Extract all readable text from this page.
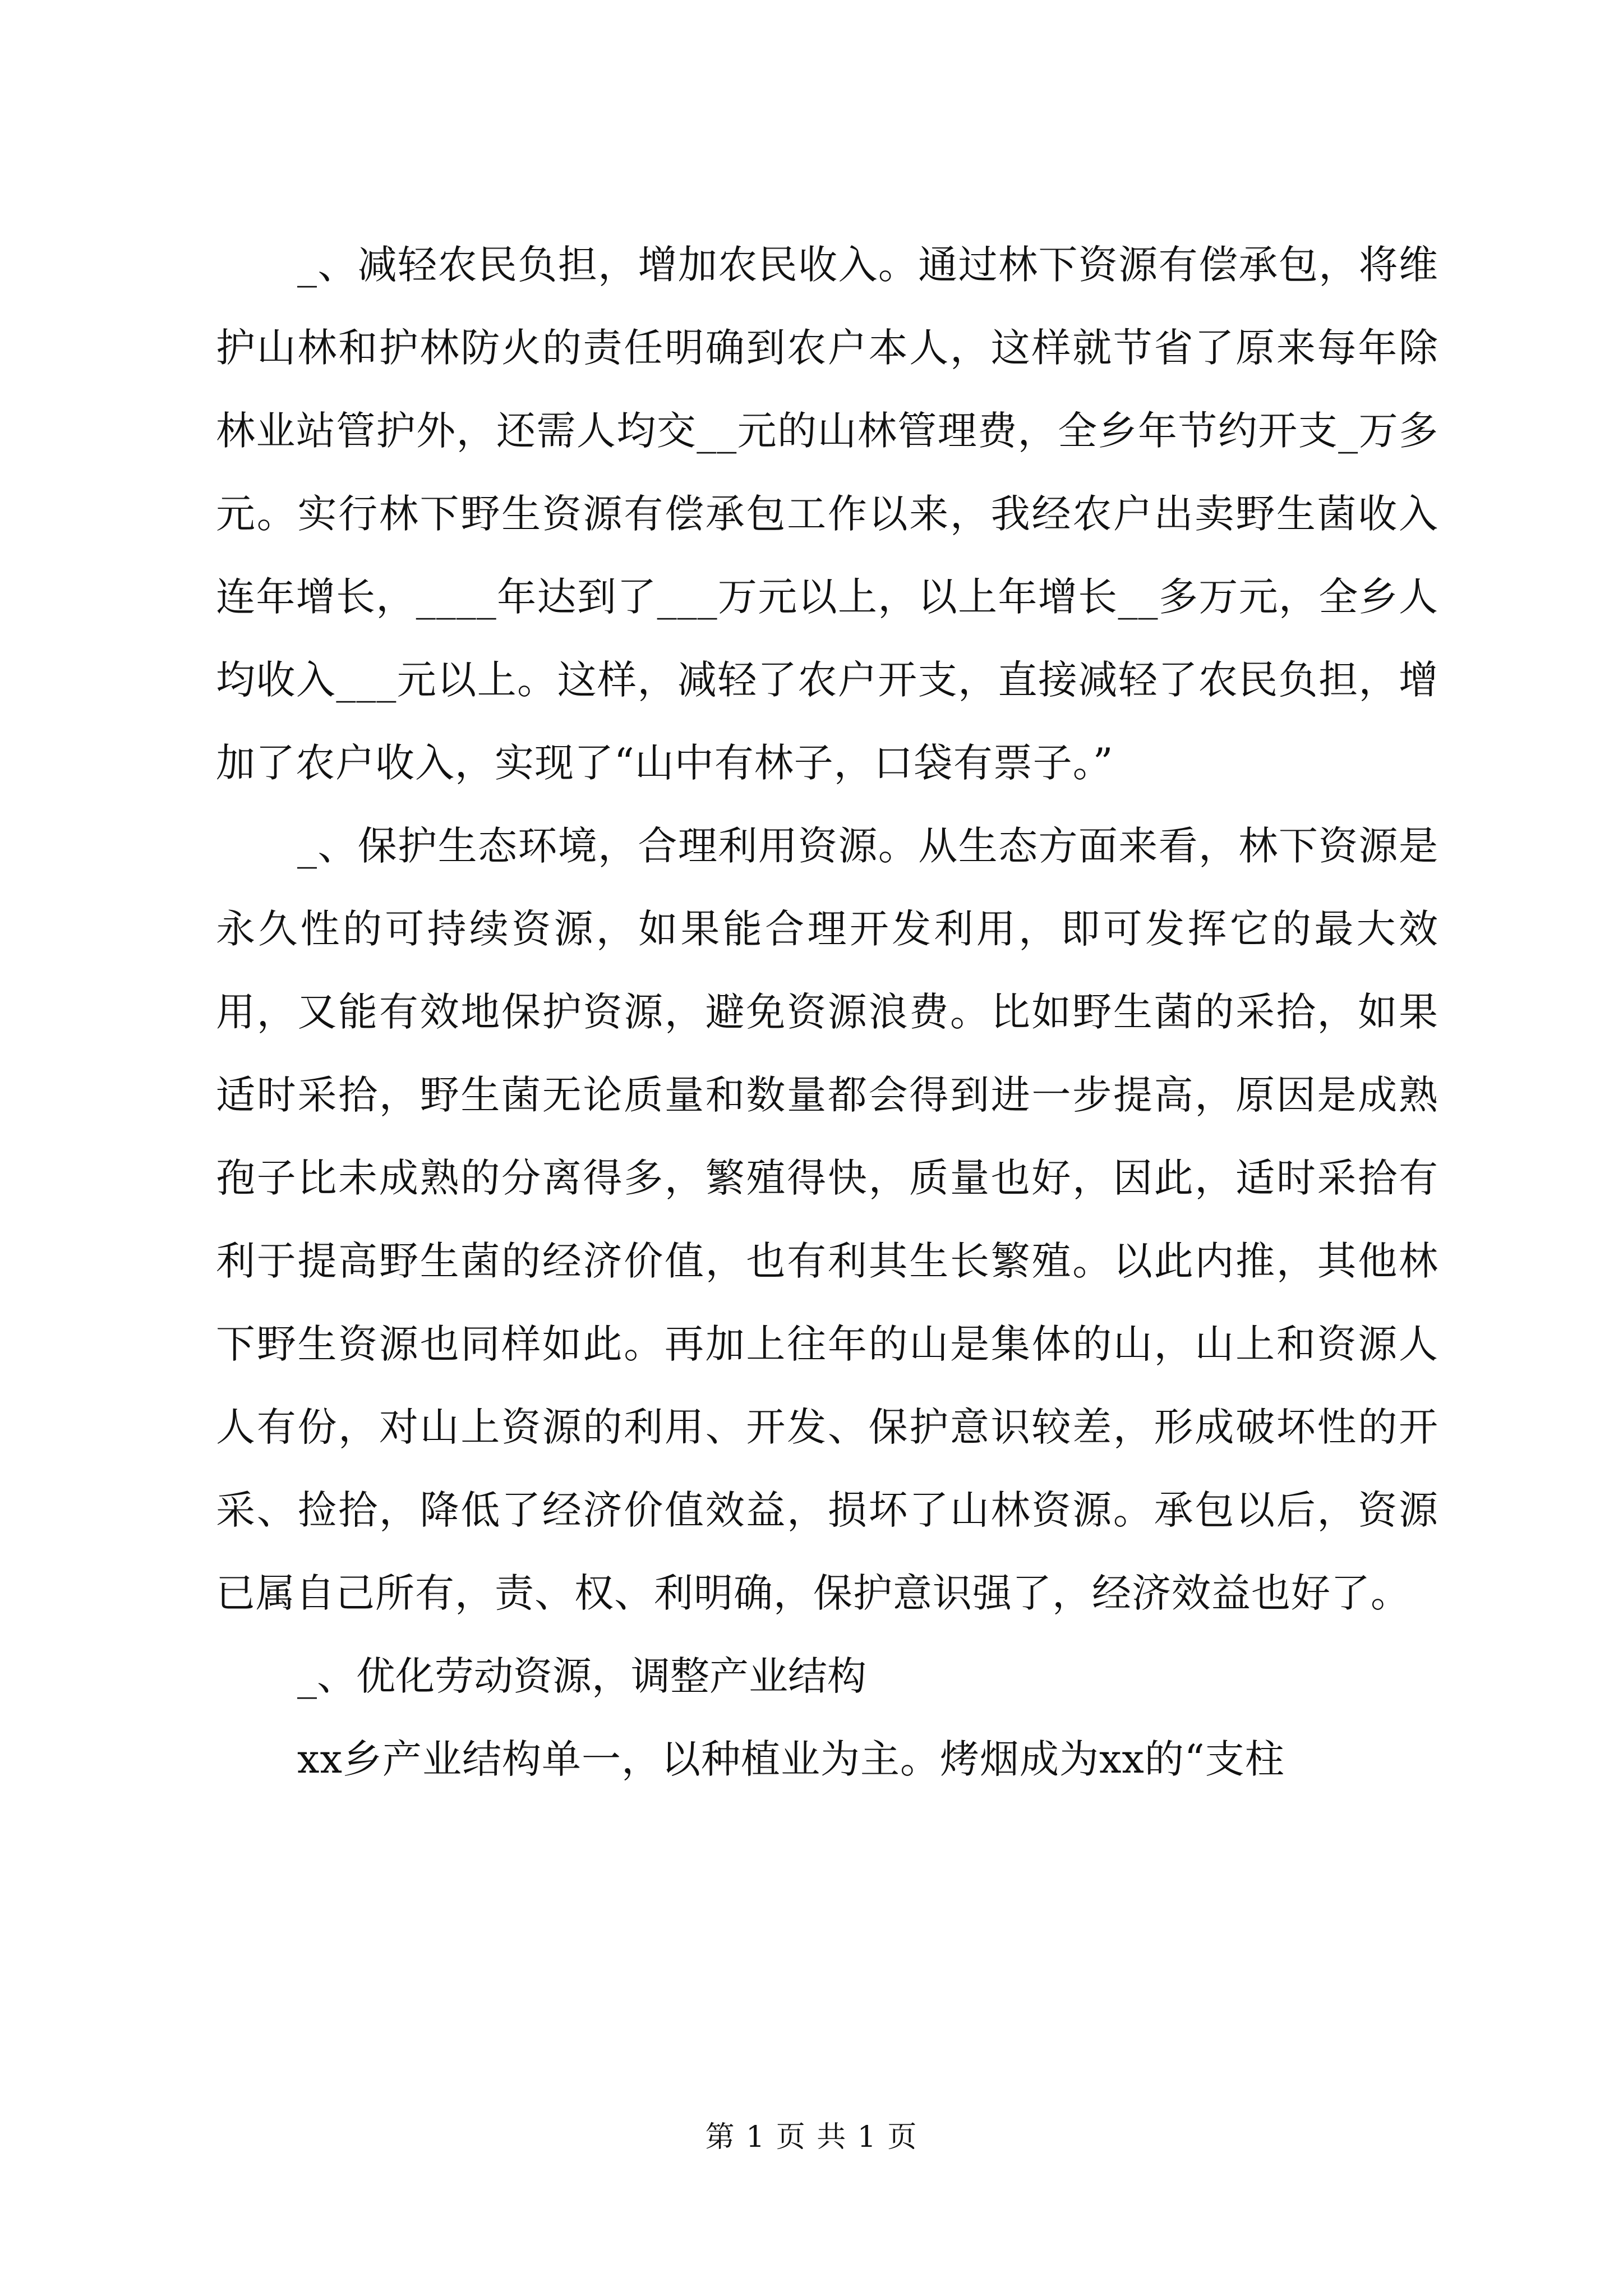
_、减轻农民负担，增加农民收入。通过林下资源有偿承包，将维护山林和护林防火的责任明确到农户本人，这样就节省了原来每年除林业站管护外，还需人均交__元的山林管理费，全乡年节约开支_万多元。实行林下野生资源有偿承包工作以来，我经农户出卖野生菌收入连年增长，____年达到了___万元以上，以上年增长__多万元，全乡人均收入___元以上。这样，减轻了农户开支，直接减轻了农民负担，增加了农户收入，实现了“山中有林子，口袋有票子。”

_、保护生态环境，合理利用资源。从生态方面来看，林下资源是永久性的可持续资源，如果能合理开发利用，即可发挥它的最大效用，又能有效地保护资源，避免资源浪费。比如野生菌的采拾，如果适时采拾，野生菌无论质量和数量都会得到进一步提高，原因是成熟孢子比未成熟的分离得多，繁殖得快，质量也好，因此，适时采拾有利于提高野生菌的经济价值，也有利其生长繁殖。以此内推，其他林下野生资源也同样如此。再加上往年的山是集体的山，山上和资源人人有份，对山上资源的利用、开发、保护意识较差，形成破坏性的开采、捡拾，降低了经济价值效益，损坏了山林资源。承包以后，资源已属自己所有，责、权、利明确，保护意识强了，经济效益也好了。

_、优化劳动资源，调整产业结构

xx乡产业结构单一，以种植业为主。烤烟成为xx的“支柱

第 1 页 共 1 页
